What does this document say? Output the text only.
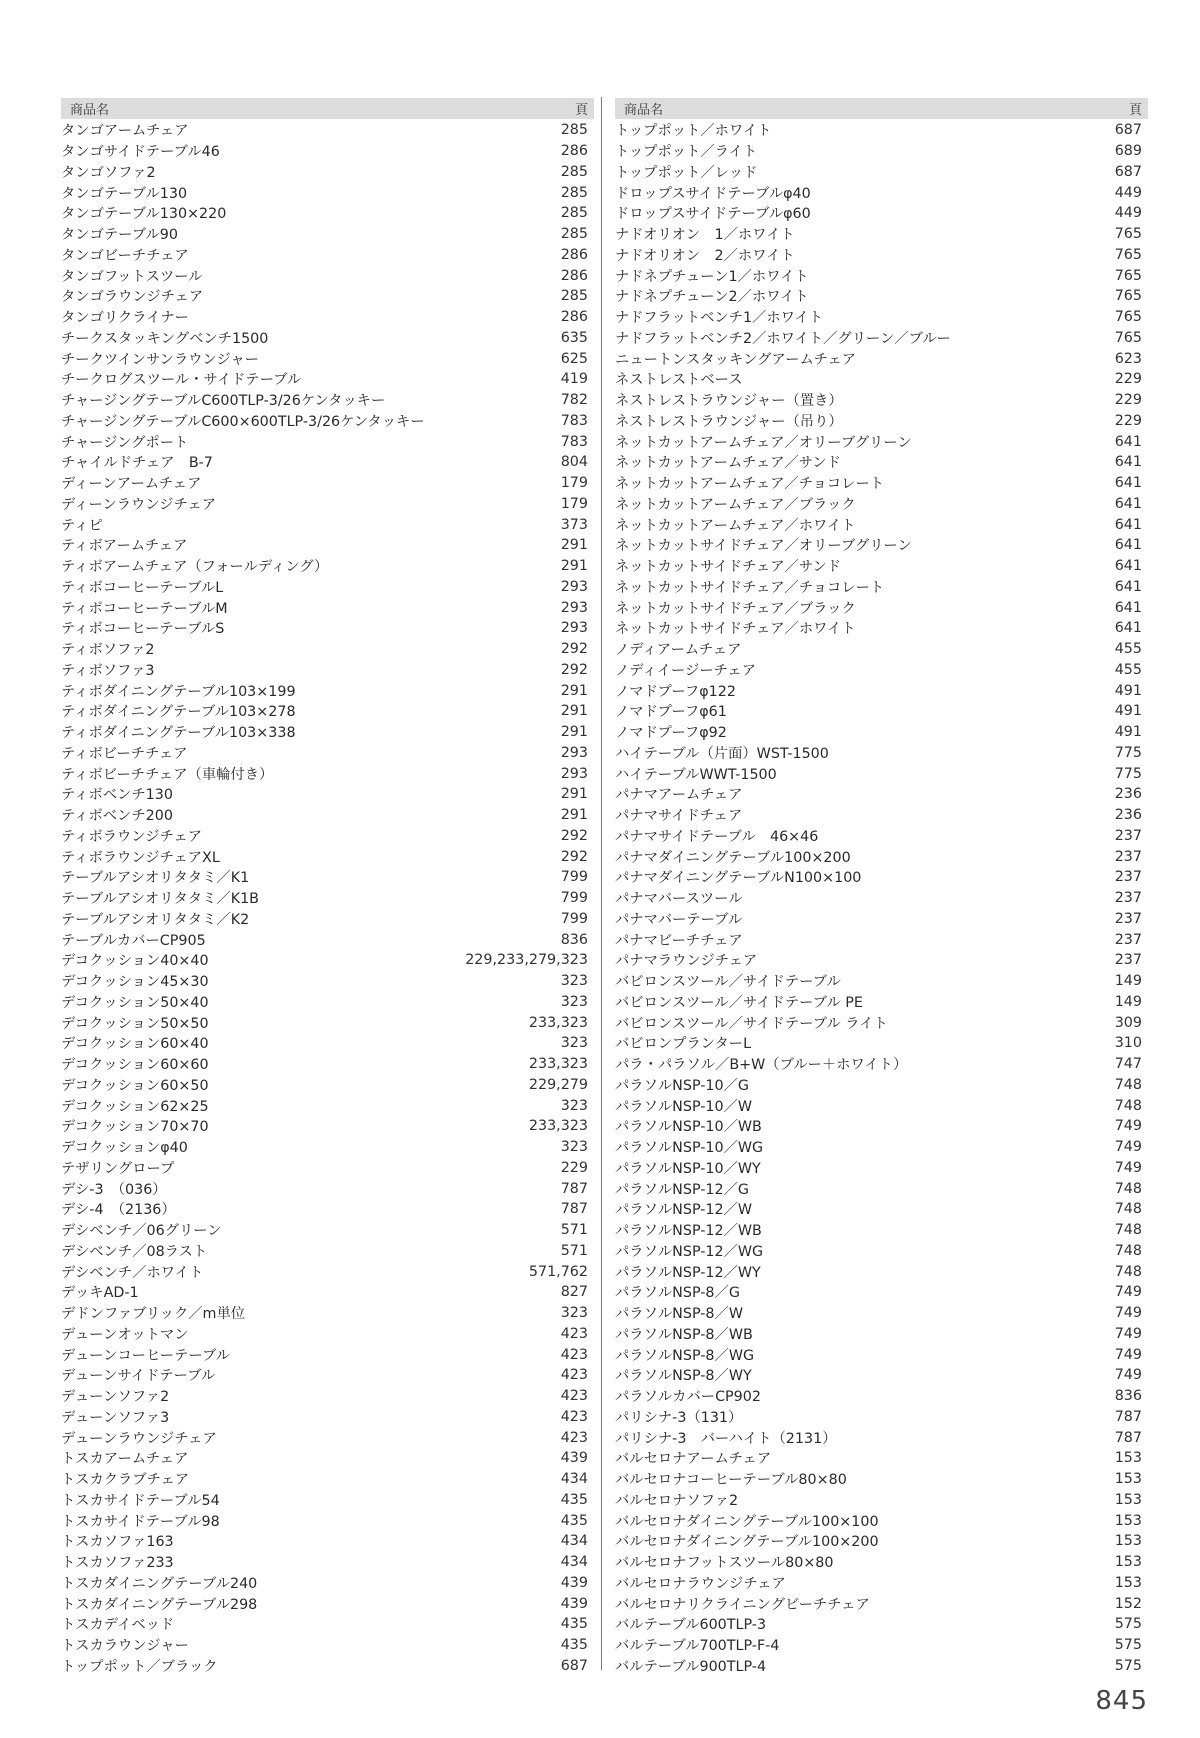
商品名	頁
タンゴアームチェア	285
タンゴサイドテーブル46	286
タンゴソファ2	285
タンゴテーブル130	285
タンゴテーブル130×220	285
タンゴテーブル90	285
タンゴビーチチェア	286
タンゴフットスツール	286
タンゴラウンジチェア	285
タンゴリクライナー	286
チークスタッキングベンチ1500	635
チークツインサンラウンジャー	625
チークログスツール・サイドテーブル	419
チャージングテーブルC600TLP-3/26ケンタッキー	782
チャージングテーブルC600×600TLP-3/26ケンタッキー	783
チャージングポート	783
チャイルドチェア　B-7	804
ディーンアームチェア	179
ディーンラウンジチェア	179
ティピ	373
ティボアームチェア	291
ティボアームチェア（フォールディング）	291
ティボコーヒーテーブルL	293
ティボコーヒーテーブルM	293
ティボコーヒーテーブルS	293
ティボソファ2	292
ティボソファ3	292
ティボダイニングテーブル103×199	291
ティボダイニングテーブル103×278	291
ティボダイニングテーブル103×338	291
ティボビーチチェア	293
ティボビーチチェア（車輪付き）	293
ティボベンチ130	291
ティボベンチ200	291
ティボラウンジチェア	292
ティボラウンジチェアXL	292
テーブルアシオリタタミ／K1	799
テーブルアシオリタタミ／K1B	799
テーブルアシオリタタミ／K2	799
テーブルカバーCP905	836
デコクッション40×40	229,233,279,323
デコクッション45×30	323
デコクッション50×40	323
デコクッション50×50	233,323
デコクッション60×40	323
デコクッション60×60	233,323
デコクッション60×50	229,279
デコクッション62×25	323
デコクッション70×70	233,323
デコクッションφ40	323
テザリングロープ	229
デシ-3　（036）	787
デシ-4　（2136）	787
デシベンチ／06グリーン	571
デシベンチ／08ラスト	571
デシベンチ／ホワイト	571,762
デッキAD-1	827
デドンファブリック／m単位	323
デューンオットマン	423
デューンコーヒーテーブル	423
デューンサイドテーブル	423
デューンソファ2	423
デューンソファ3	423
デューンラウンジチェア	423
トスカアームチェア	439
トスカクラブチェア	434
トスカサイドテーブル54	435
トスカサイドテーブル98	435
トスカソファ163	434
トスカソファ233	434
トスカダイニングテーブル240	439
トスカダイニングテーブル298	439
トスカデイベッド	435
トスカラウンジャー	435
トップポット／ブラック	687
商品名	頁
トップポット／ホワイト	687
トップポット／ライト	689
トップポット／レッド	687
ドロップスサイドテーブルφ40	449
ドロップスサイドテーブルφ60	449
ナドオリオン　1／ホワイト	765
ナドオリオン　2／ホワイト	765
ナドネプチューン1／ホワイト	765
ナドネプチューン2／ホワイト	765
ナドフラットベンチ1／ホワイト	765
ナドフラットベンチ2／ホワイト／グリーン／ブルー	765
ニュートンスタッキングアームチェア	623
ネストレストベース	229
ネストレストラウンジャー（置き）	229
ネストレストラウンジャー（吊り）	229
ネットカットアームチェア／オリーブグリーン	641
ネットカットアームチェア／サンド	641
ネットカットアームチェア／チョコレート	641
ネットカットアームチェア／ブラック	641
ネットカットアームチェア／ホワイト	641
ネットカットサイドチェア／オリーブグリーン	641
ネットカットサイドチェア／サンド	641
ネットカットサイドチェア／チョコレート	641
ネットカットサイドチェア／ブラック	641
ネットカットサイドチェア／ホワイト	641
ノディアームチェア	455
ノディイージーチェア	455
ノマドプーフφ122	491
ノマドプーフφ61	491
ノマドプーフφ92	491
ハイテーブル（片面）WST-1500	775
ハイテーブルWWT-1500	775
パナマアームチェア	236
パナマサイドチェア	236
パナマサイドテーブル　46×46	237
パナマダイニングテーブル100×200	237
パナマダイニングテーブルN100×100	237
パナマバースツール	237
パナマバーテーブル	237
パナマビーチチェア	237
パナマラウンジチェア	237
バビロンスツール／サイドテーブル	149
バビロンスツール／サイドテーブル PE	149
バビロンスツール／サイドテーブル ライト	309
バビロンプランターL	310
パラ・パラソル／B+W（ブルー＋ホワイト）	747
パラソルNSP-10／G	748
パラソルNSP-10／W	748
パラソルNSP-10／WB	749
パラソルNSP-10／WG	749
パラソルNSP-10／WY	749
パラソルNSP-12／G	748
パラソルNSP-12／W	748
パラソルNSP-12／WB	748
パラソルNSP-12／WG	748
パラソルNSP-12／WY	748
パラソルNSP-8／G	749
パラソルNSP-8／W	749
パラソルNSP-8／WB	749
パラソルNSP-8／WG	749
パラソルNSP-8／WY	749
パラソルカバーCP902	836
パリシナ-3（131）	787
パリシナ-3　バーハイト（2131）	787
バルセロナアームチェア	153
バルセロナコーヒーテーブル80×80	153
バルセロナソファ2	153
バルセロナダイニングテーブル100×100	153
バルセロナダイニングテーブル100×200	153
バルセロナフットスツール80×80	153
バルセロナラウンジチェア	153
バルセロナリクライニングビーチチェア	152
バルテーブル600TLP-3	575
バルテーブル700TLP-F-4	575
バルテーブル900TLP-4	575
845
